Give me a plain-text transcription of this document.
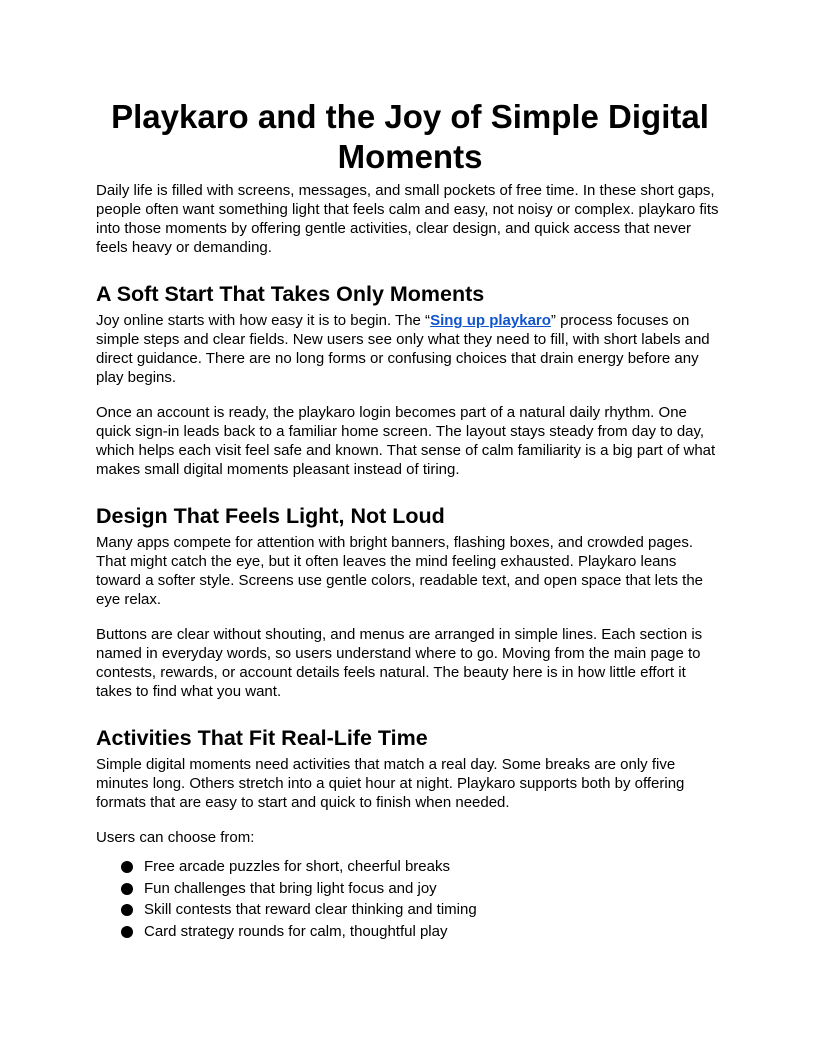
Playkaro and the Joy of Simple Digital Moments

Daily life is filled with screens, messages, and small pockets of free time. In these short gaps, people often want something light that feels calm and easy, not noisy or complex. playkaro fits into those moments by offering gentle activities, clear design, and quick access that never feels heavy or demanding.

A Soft Start That Takes Only Moments

Joy online starts with how easy it is to begin. The “Sing up playkaro” process focuses on simple steps and clear fields. New users see only what they need to fill, with short labels and direct guidance. There are no long forms or confusing choices that drain energy before any play begins.

Once an account is ready, the playkaro login becomes part of a natural daily rhythm. One quick sign-in leads back to a familiar home screen. The layout stays steady from day to day, which helps each visit feel safe and known. That sense of calm familiarity is a big part of what makes small digital moments pleasant instead of tiring.

Design That Feels Light, Not Loud

Many apps compete for attention with bright banners, flashing boxes, and crowded pages. That might catch the eye, but it often leaves the mind feeling exhausted. Playkaro leans toward a softer style. Screens use gentle colors, readable text, and open space that lets the eye relax.

Buttons are clear without shouting, and menus are arranged in simple lines. Each section is named in everyday words, so users understand where to go. Moving from the main page to contests, rewards, or account details feels natural. The beauty here is in how little effort it takes to find what you want.

Activities That Fit Real-Life Time

Simple digital moments need activities that match a real day. Some breaks are only five minutes long. Others stretch into a quiet hour at night. Playkaro supports both by offering formats that are easy to start and quick to finish when needed.

Users can choose from:

Free arcade puzzles for short, cheerful breaks
Fun challenges that bring light focus and joy
Skill contests that reward clear thinking and timing
Card strategy rounds for calm, thoughtful play
